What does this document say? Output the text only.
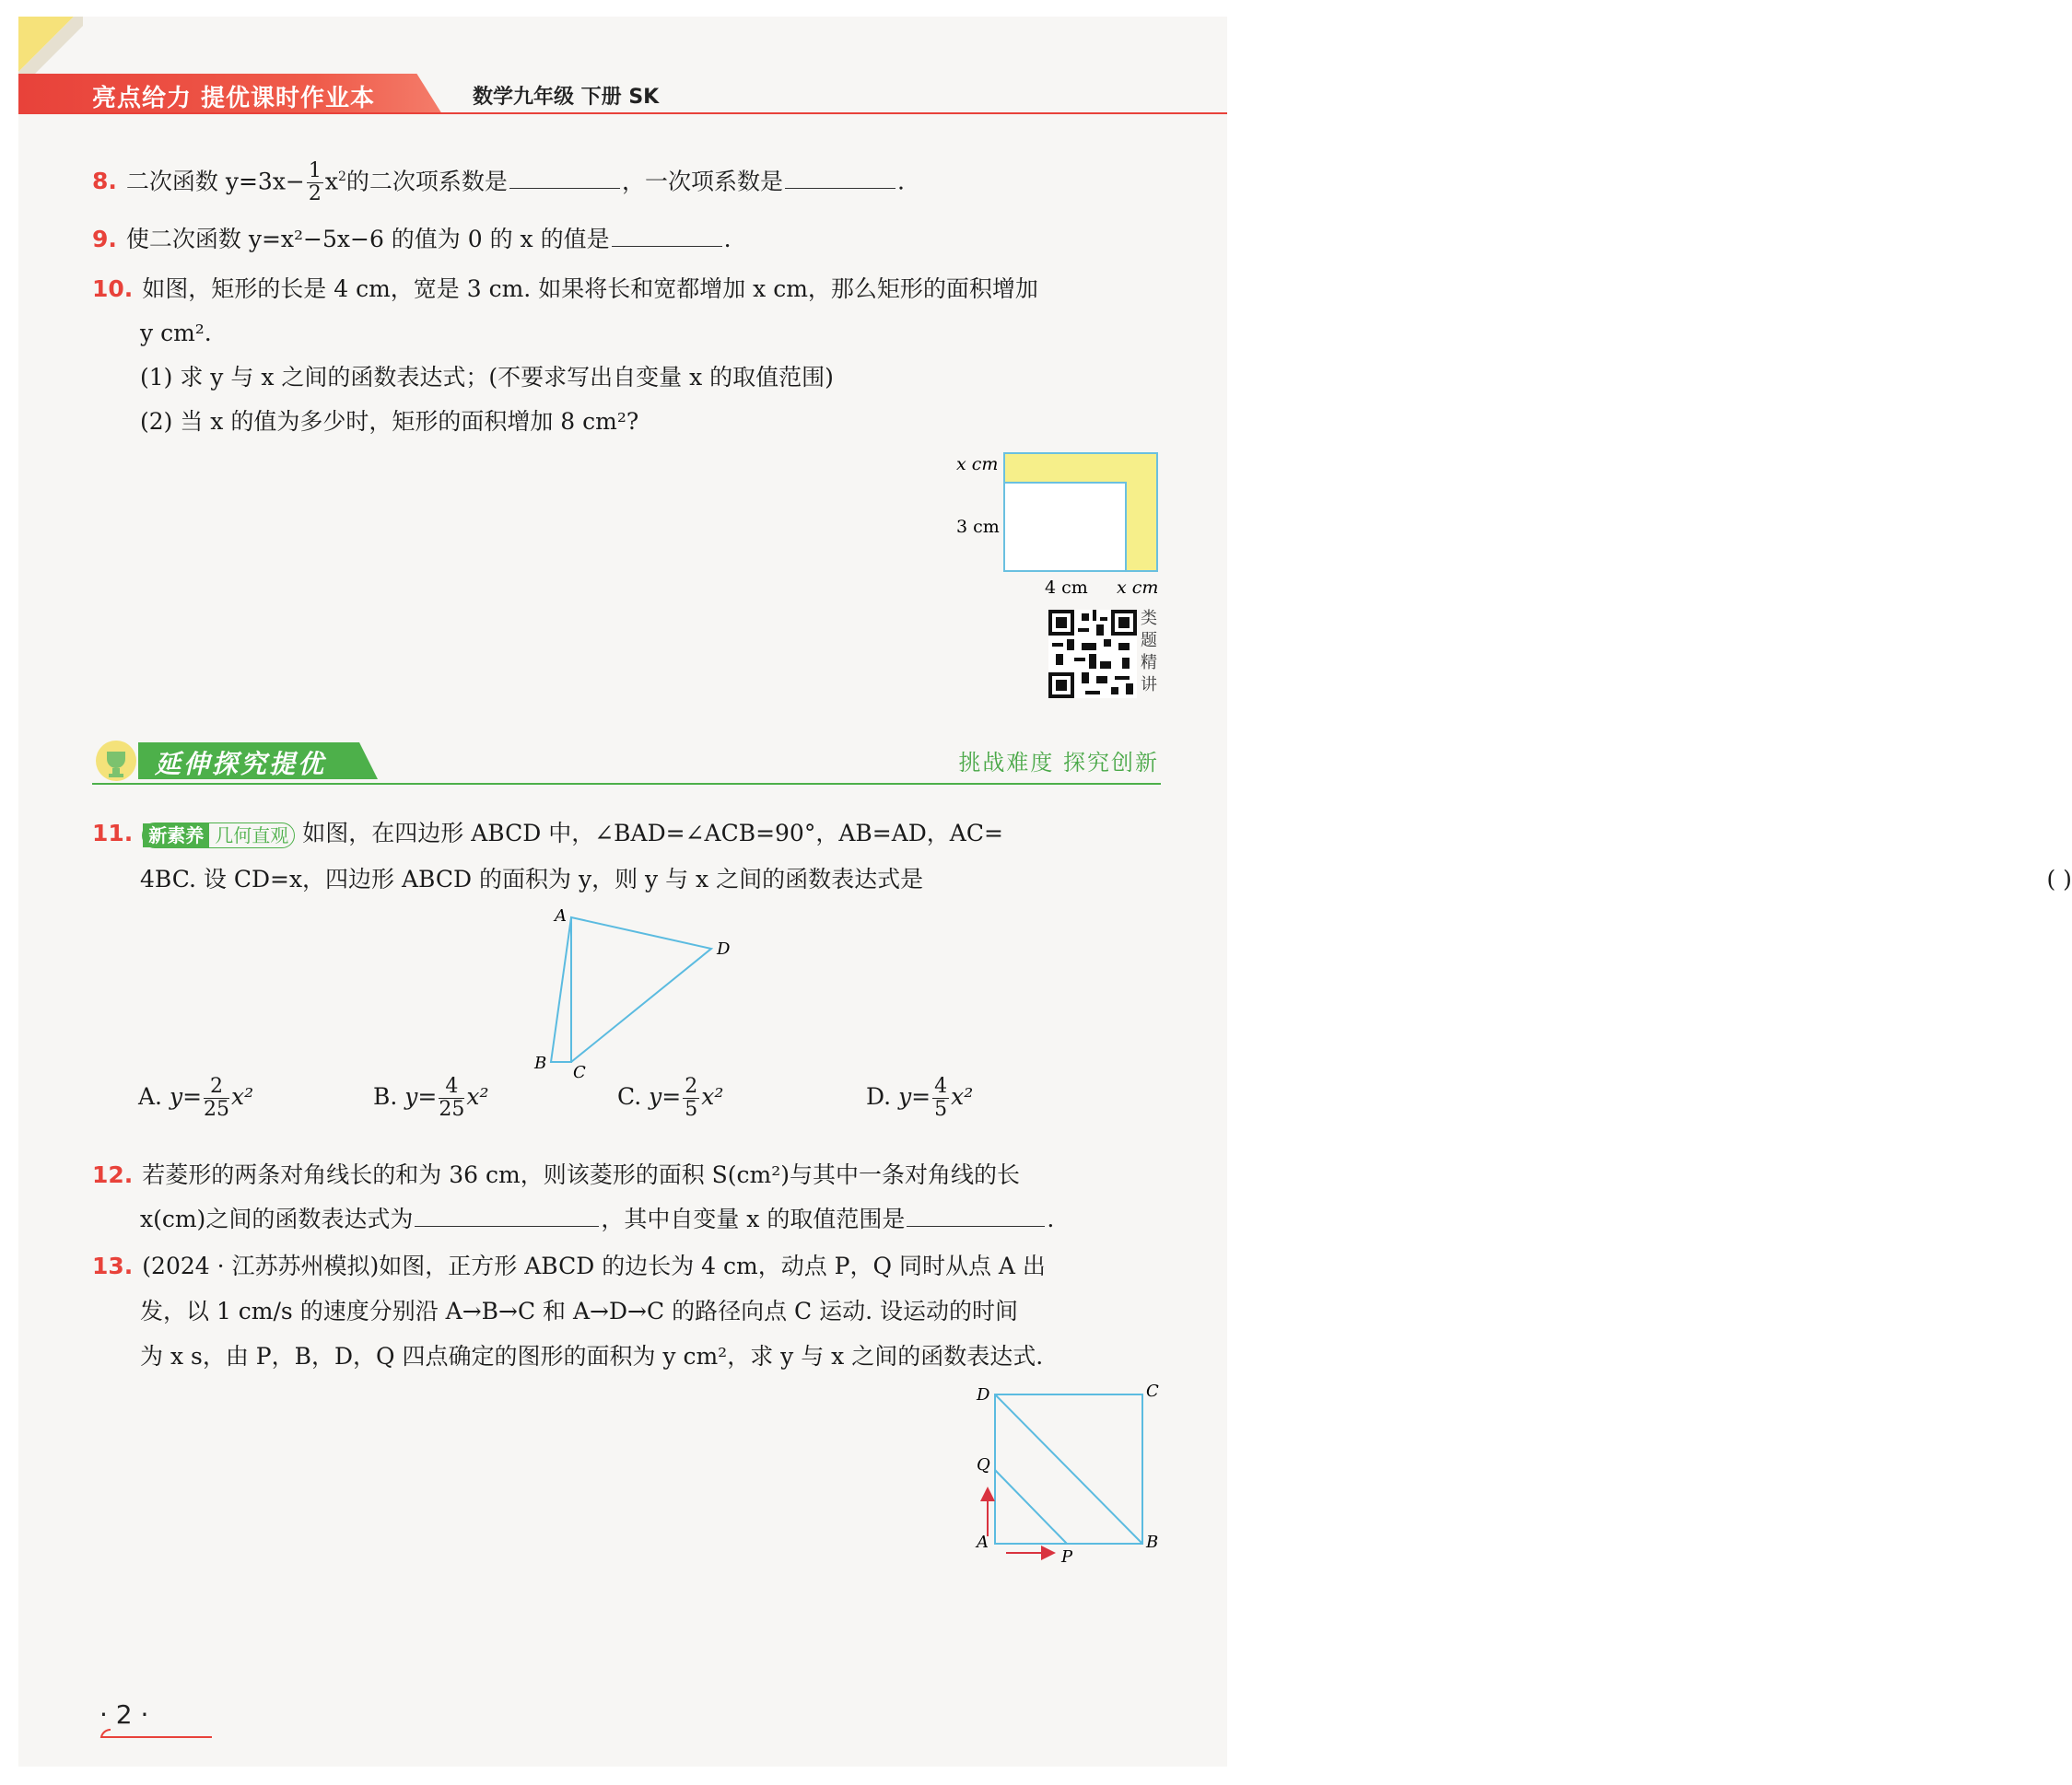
亮点给力 提优课时作业本	数学九年级 下册 SK
8. 二次函数 $y=3x- \frac{1}{2} x^2$的二次项系数是	，一次项系数是	.
9. 使二次函数 y=x²−5x−6 的值为 0 的 x 的值是	.
10. 如图，矩形的长是 4 cm，宽是 3 cm. 如果将长和宽都增加 x cm，那么矩形的面积增加
y cm².
(1) 求 y 与 x 之间的函数表达式；(不要求写出自变量 x 的取值范围)
(2) 当 x 的值为多少时，矩形的面积增加 8 cm²?
x cm
3 cm
4 cm x cm
类题精讲
延伸探究提优	挑战难度 探究创新
11. 新素养 几何直观 如图，在四边形 ABCD 中，∠BAD=∠ACB=90°，AB=AD，AC=
4BC. 设 CD=x，四边形 ABCD 的面积为 y，则 y 与 x 之间的函数表达式是	( )
A
B C
D
A. $y= \frac{2}{25} x^2$	B. $y= \frac{4}{25} x^2$	C. $y= \frac{2}{5} x^2$	D. $y= \frac{4}{5} x^2$
12. 若菱形的两条对角线长的和为 36 cm，则该菱形的面积 S(cm²)与其中一条对角线的长
x(cm)之间的函数表达式为	，其中自变量 x 的取值范围是	.
13. (2024 · 江苏苏州模拟)如图，正方形 ABCD 的边长为 4 cm，动点 P，Q 同时从点 A 出
发，以 1 cm/s 的速度分别沿 A→B→C 和 A→D→C 的路径向点 C 运动. 设运动的时间
为 x s，由 P，B，D，Q 四点确定的图形的面积为 y cm²，求 y 与 x 之间的函数表达式.
D	C
Q
A	B
P
· 2 ·
